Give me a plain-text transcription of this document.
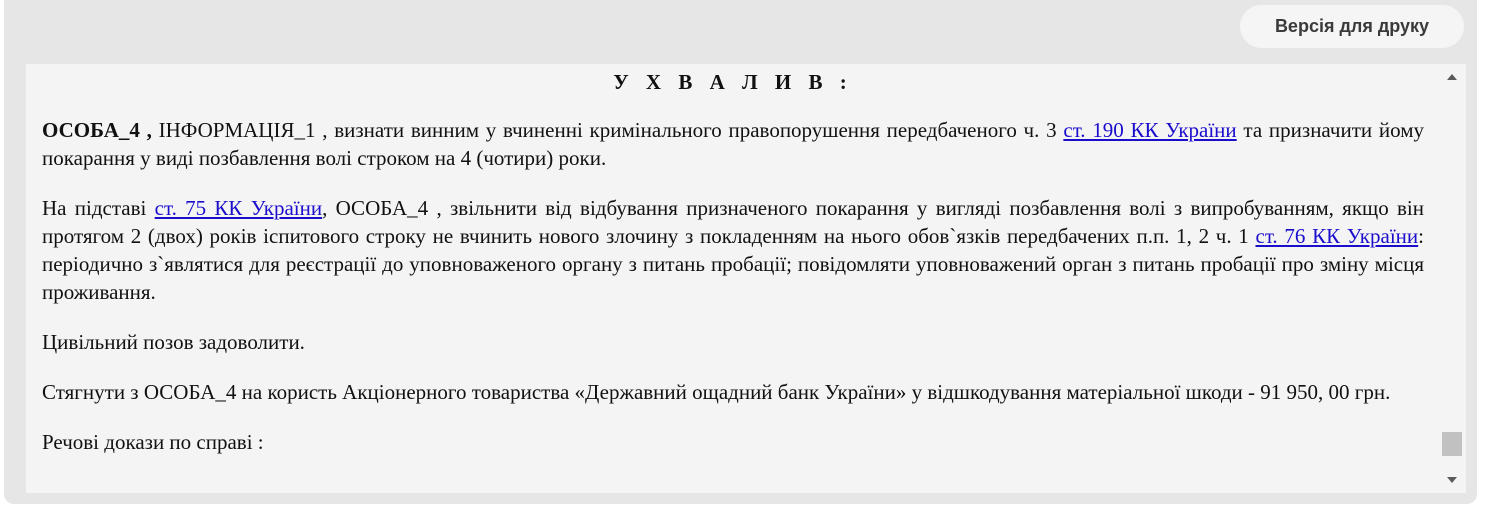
Версія для друку
У Х В А Л И В :

ОСОБА_4 , ІНФОРМАЦІЯ_1 , визнати винним у вчиненні кримінального правопорушення передбаченого ч. 3 ст. 190 КК України та призначити йому покарання у виді позбавлення волі строком на 4 (чотири) роки.

На підставі ст. 75 КК України, ОСОБА_4 , звільнити від відбування призначеного покарання у вигляді позбавлення волі з випробуванням, якщо він протягом 2 (двох) років іспитового строку не вчинить нового злочину з покладенням на нього обов`язків передбачених п.п. 1, 2 ч. 1 ст. 76 КК України: періодично з`являтися для реєстрації до уповноваженого органу з питань пробації; повідомляти уповноважений орган з питань пробації про зміну місця проживання.

Цивільний позов задоволити.

Стягнути з ОСОБА_4 на користь Акціонерного товариства «Державний ощадний банк України» у відшкодування матеріальної шкоди - 91 950, 00 грн.

Речові докази по справі :
